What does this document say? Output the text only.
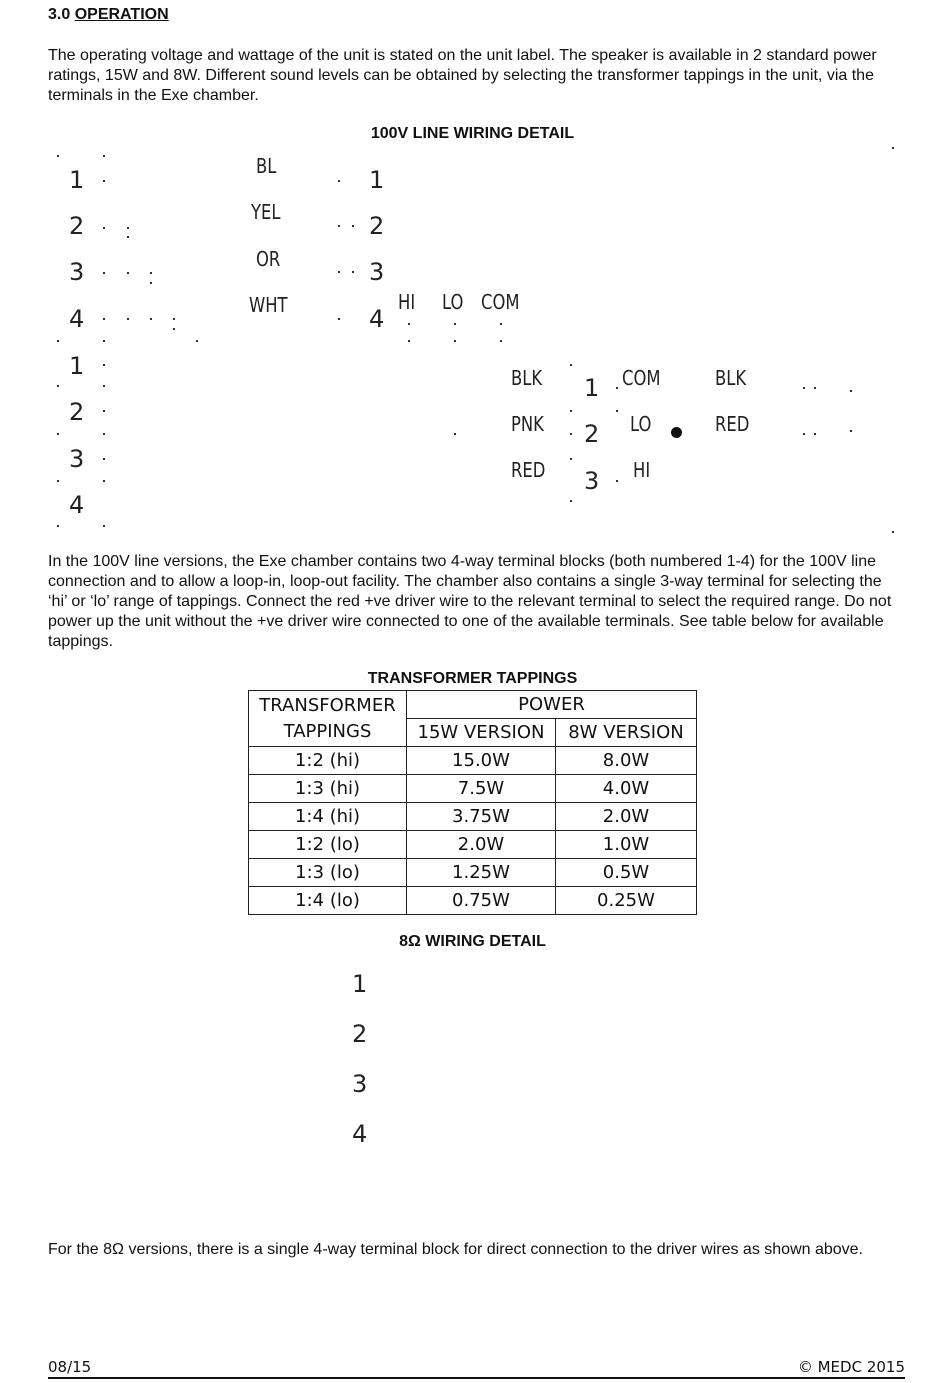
3.0 OPERATION
The operating voltage and wattage of the unit is stated on the unit label. The speaker is available in 2 standard power ratings, 15W and 8W. Different sound levels can be obtained by selecting the transformer tappings in the unit, via the terminals in the Exe chamber.
100V LINE WIRING DETAIL
1
2
3
4
1
2
3
4
BL
YEL
OR
WHT
1
2
3
4
HI LO COM
BLK
PNK
RED
1
2
3
COM
LO
HI
BLK
RED
In the 100V line versions, the Exe chamber contains two 4-way terminal blocks (both numbered 1-4) for the 100V line connection and to allow a loop-in, loop-out facility. The chamber also contains a single 3-way terminal for selecting the ‘hi’ or ‘lo’ range of tappings. Connect the red +ve driver wire to the relevant terminal to select the required range. Do not power up the unit without the +ve driver wire connected to one of the available terminals. See table below for available tappings.
TRANSFORMER TAPPINGS
TRANSFORMER TAPPINGS	POWER	
	15W VERSION	8W VERSION
1:2 (hi)	15.0W	8.0W
1:3 (hi)	7.5W	4.0W
1:4 (hi)	3.75W	2.0W
1:2 (lo)	2.0W	1.0W
1:3 (lo)	1.25W	0.5W
1:4 (lo)	0.75W	0.25W
8Ω WIRING DETAIL
1
2
3
4
For the 8Ω versions, there is a single 4-way terminal block for direct connection to the driver wires as shown above.
08/15	© MEDC 2015
